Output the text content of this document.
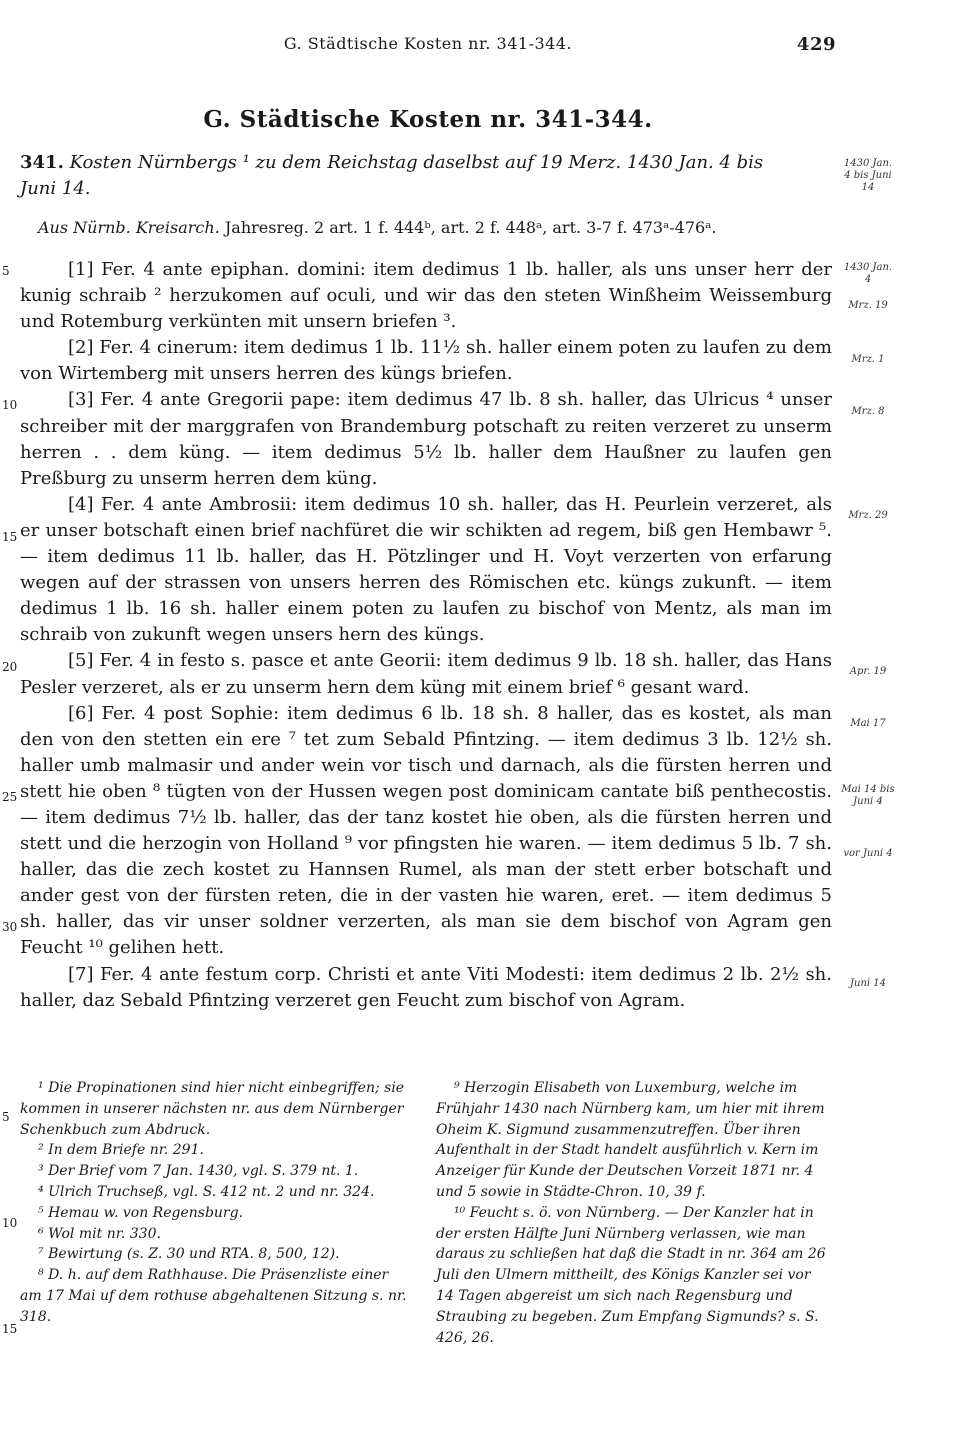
G. Städtische Kosten nr. 341-344.	429
G. Städtische Kosten nr. 341-344.
341. Kosten Nürnbergs ¹ zu dem Reichstag daselbst auf 19 Merz. 1430 Jan. 4 bis
Juni 14.
Aus Nürnb. Kreisarch. Jahresreg. 2 art. 1 f. 444ᵇ, art. 2 f. 448ᵃ, art. 3-7 f. 473ᵃ-476ᵃ.

[1] Fer. 4 ante epiphan. domini: item dedimus 1 lb. haller, als uns unser herr der kunig schraib ² herzukomen auf oculi, und wir das den steten Winßheim Weissemburg und Rotemburg verkünten mit unsern briefen ³.

[2] Fer. 4 cinerum: item dedimus 1 lb. 11½ sh. haller einem poten zu laufen zu dem von Wirtemberg mit unsers herren des küngs briefen.

[3] Fer. 4 ante Gregorii pape: item dedimus 47 lb. 8 sh. haller, das Ulricus ⁴ unser schreiber mit der marggrafen von Brandemburg potschaft zu reiten verzeret zu unserm herren . . dem küng. — item dedimus 5½ lb. haller dem Haußner zu laufen gen Preßburg zu unserm herren dem küng.

[4] Fer. 4 ante Ambrosii: item dedimus 10 sh. haller, das H. Peurlein verzeret, als er unser botschaft einen brief nachfüret die wir schikten ad regem, biß gen Hembawr ⁵. — item dedimus 11 lb. haller, das H. Pötzlinger und H. Voyt verzerten von erfarung wegen auf der strassen von unsers herren des Römischen etc. küngs zukunft. — item dedimus 1 lb. 16 sh. haller einem poten zu laufen zu bischof von Mentz, als man im schraib von zukunft wegen unsers hern des küngs.

[5] Fer. 4 in festo s. pasce et ante Georii: item dedimus 9 lb. 18 sh. haller, das Hans Pesler verzeret, als er zu unserm hern dem küng mit einem brief ⁶ gesant ward.

[6] Fer. 4 post Sophie: item dedimus 6 lb. 18 sh. 8 haller, das es kostet, als man den von den stetten ein ere ⁷ tet zum Sebald Pfintzing. — item dedimus 3 lb. 12½ sh. haller umb malmasir und ander wein vor tisch und darnach, als die fürsten herren und stett hie oben ⁸ tügten von der Hussen wegen post dominicam cantate biß penthecostis. — item dedimus 7½ lb. haller, das der tanz kostet hie oben, als die fürsten herren und stett und die herzogin von Holland ⁹ vor pfingsten hie waren. — item dedimus 5 lb. 7 sh. haller, das die zech kostet zu Hannsen Rumel, als man der stett erber botschaft und ander gest von der fürsten reten, die in der vasten hie waren, eret. — item dedimus 5 sh. haller, das vir unser soldner verzerten, als man sie dem bischof von Agram gen Feucht ¹⁰ gelihen hett.

[7] Fer. 4 ante festum corp. Christi et ante Viti Modesti: item dedimus 2 lb. 2½ sh. haller, daz Sebald Pfintzing verzeret gen Feucht zum bischof von Agram.

1430 Jan. 4 bis Juni 14
1430 Jan. 4
Mrz. 19
Mrz. 1
Mrz. 8
Mrz. 29
Apr. 19
Mai 17
Mai 14 bis Juni 4
vor Juni 4
Juni 14
5
10
15
20
25
30
5
10
15

¹ Die Propinationen sind hier nicht einbegriffen; sie kommen in unserer nächsten nr. aus dem Nürnberger Schenkbuch zum Abdruck.

² In dem Briefe nr. 291.

³ Der Brief vom 7 Jan. 1430, vgl. S. 379 nt. 1.

⁴ Ulrich Truchseß, vgl. S. 412 nt. 2 und nr. 324.

⁵ Hemau w. von Regensburg.

⁶ Wol mit nr. 330.

⁷ Bewirtung (s. Z. 30 und RTA. 8, 500, 12).

⁸ D. h. auf dem Rathhause. Die Präsenzliste einer am 17 Mai uf dem rothuse abgehaltenen Sitzung s. nr. 318.

⁹ Herzogin Elisabeth von Luxemburg, welche im Frühjahr 1430 nach Nürnberg kam, um hier mit ihrem Oheim K. Sigmund zusammenzutreffen. Über ihren Aufenthalt in der Stadt handelt ausführlich v. Kern im Anzeiger für Kunde der Deutschen Vorzeit 1871 nr. 4 und 5 sowie in Städte-Chron. 10, 39 f.

¹⁰ Feucht s. ö. von Nürnberg. — Der Kanzler hat in der ersten Hälfte Juni Nürnberg verlassen, wie man daraus zu schließen hat daß die Stadt in nr. 364 am 26 Juli den Ulmern mittheilt, des Königs Kanzler sei vor 14 Tagen abgereist um sich nach Regensburg und Straubing zu begeben. Zum Empfang Sigmunds? s. S. 426, 26.
